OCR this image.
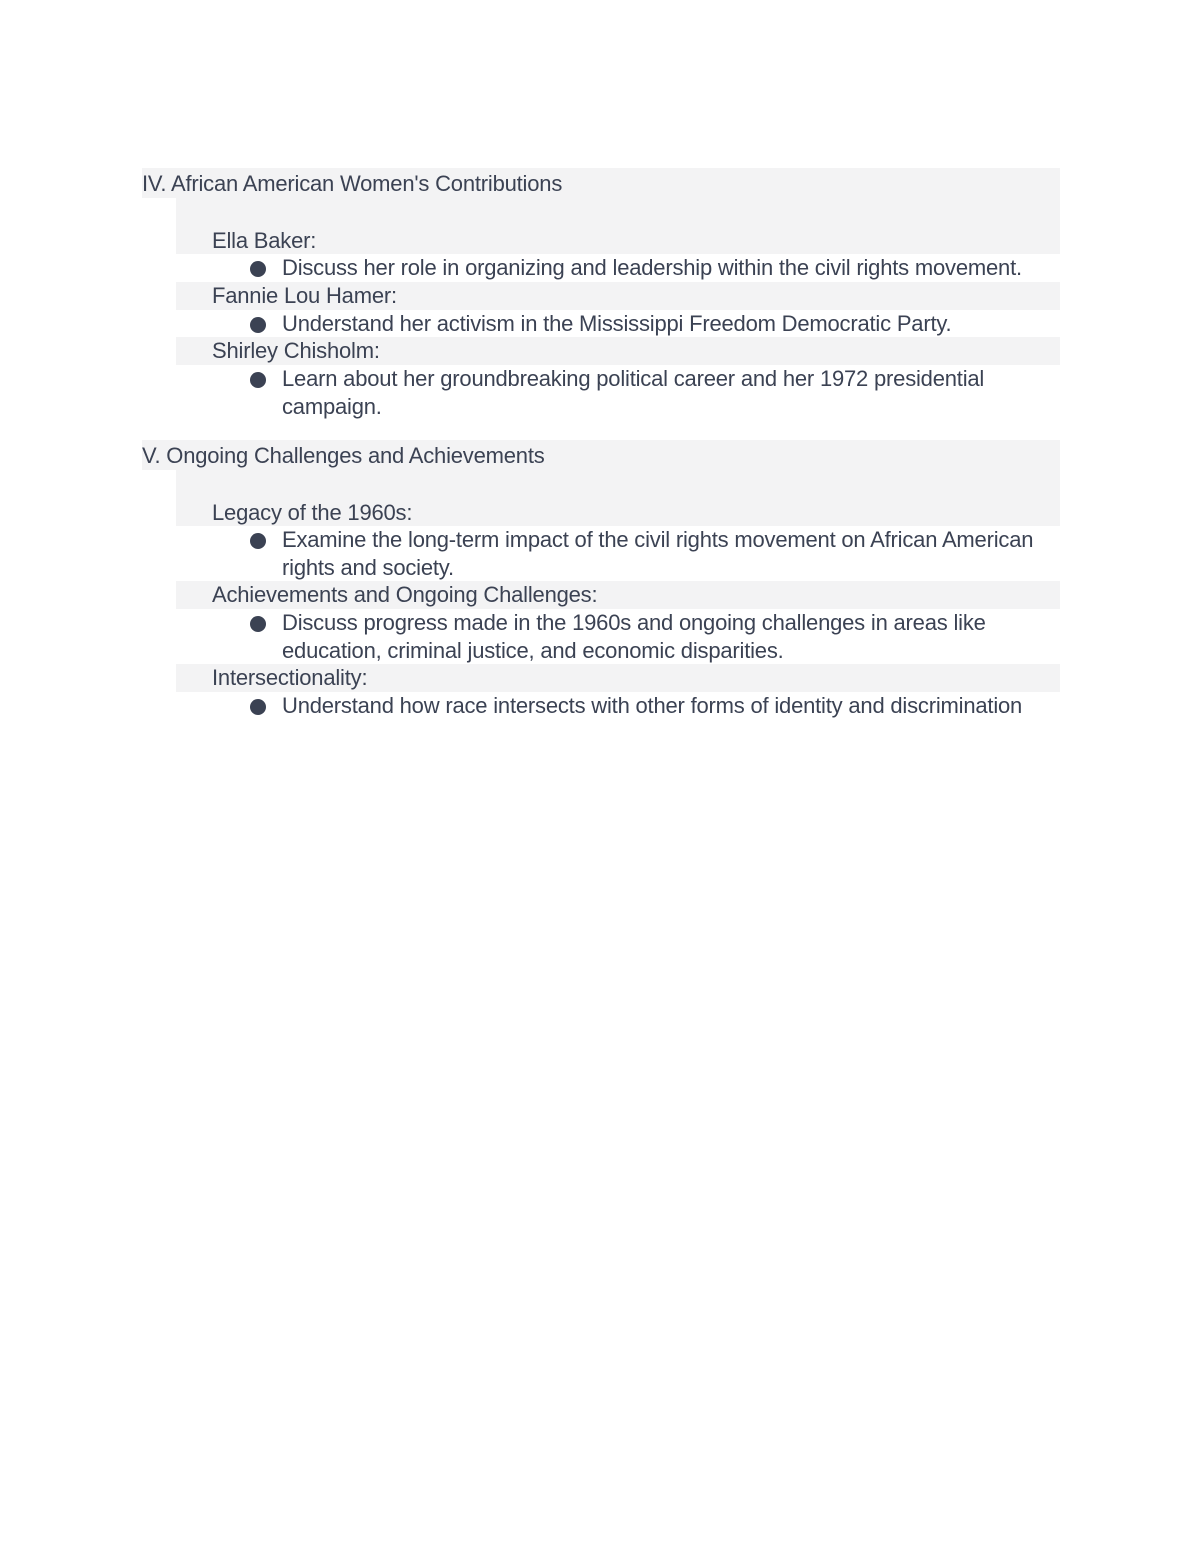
IV. African American Women's Contributions
Ella Baker:
Discuss her role in organizing and leadership within the civil rights movement.
Fannie Lou Hamer:
Understand her activism in the Mississippi Freedom Democratic Party.
Shirley Chisholm:
Learn about her groundbreaking political career and her 1972 presidential campaign.
V. Ongoing Challenges and Achievements
Legacy of the 1960s:
Examine the long-term impact of the civil rights movement on African American rights and society.
Achievements and Ongoing Challenges:
Discuss progress made in the 1960s and ongoing challenges in areas like education, criminal justice, and economic disparities.
Intersectionality:
Understand how race intersects with other forms of identity and discrimination
